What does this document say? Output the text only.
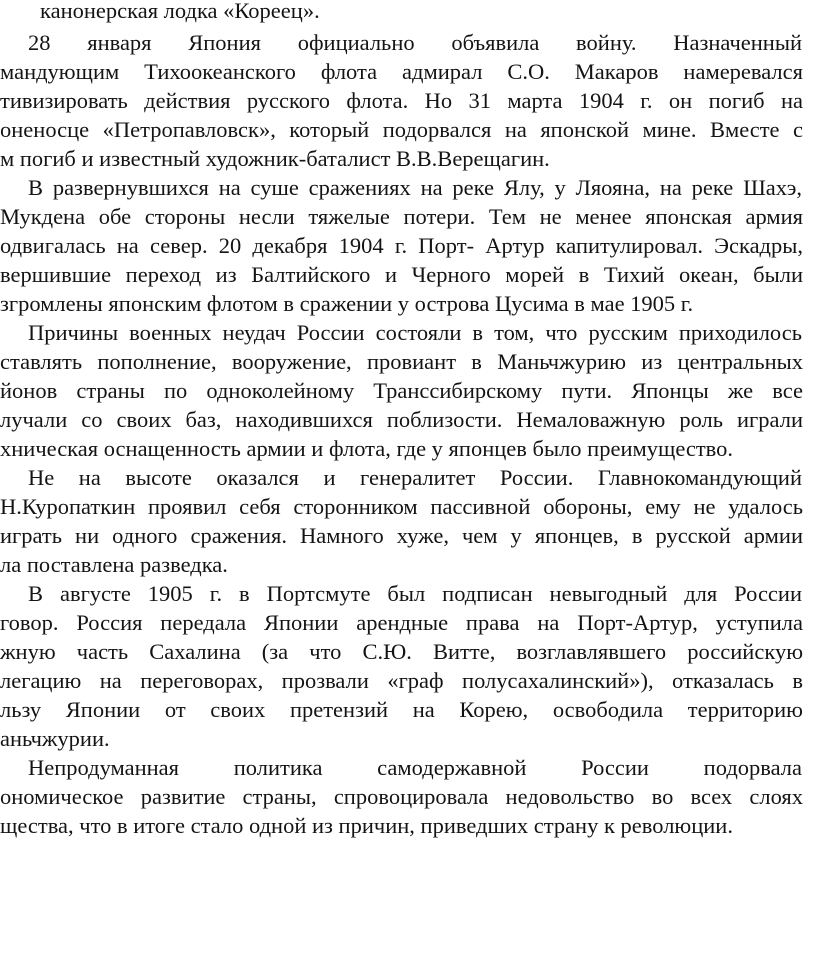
канонерская лодка «Кореец».
28 января Япония официально объявила войну. Назначенный
мандующим Тихоокеанского флота адмирал С.О. Макаров намеревался
тивизировать действия русского флота. Но 31 марта 1904 г. он погиб на
оненосце «Петропавловск», который подорвался на японской мине. Вместе с
м погиб и известный художник-баталист В.В.Верещагин.
В развернувшихся на суше сражениях на реке Ялу, у Ляояна, на реке Шахэ,
Мукдена обе стороны несли тяжелые потери. Тем не менее японская армия
одвигалась на север. 20 декабря 1904 г. Порт- Артур капитулировал. Эскадры,
вершившие переход из Балтийского и Черного морей в Тихий океан, были
згромлены японским флотом в сражении у острова Цусима в мае 1905 г.
Причины военных неудач России состояли в том, что русским приходилось
ставлять пополнение, вооружение, провиант в Маньчжурию из центральных
йонов страны по одноколейному Транссибирскому пути. Японцы же все
лучали со своих баз, находившихся поблизости. Немаловажную роль играли
хническая оснащенность армии и флота, где у японцев было преимущество.
Не на высоте оказался и генералитет России. Главнокомандующий
Н.Куропаткин проявил себя сторонником пассивной обороны, ему не удалось
играть ни одного сражения. Намного хуже, чем у японцев, в русской армии
ла поставлена разведка.
В августе 1905 г. в Портсмуте был подписан невыгодный для России
говор. Россия передала Японии арендные права на Порт-Артур, уступила
жную часть Сахалина (за что С.Ю. Витте, возглавлявшего российскую
легацию на переговорах, прозвали «граф полусахалинский»), отказалась в
льзу Японии от своих претензий на Корею, освободила территорию
аньчжурии.
Непродуманная политика самодержавной России подорвала
ономическое развитие страны, спровоцировала недовольство во всех слоях
щества, что в итоге стало одной из причин, приведших страну к революции.
